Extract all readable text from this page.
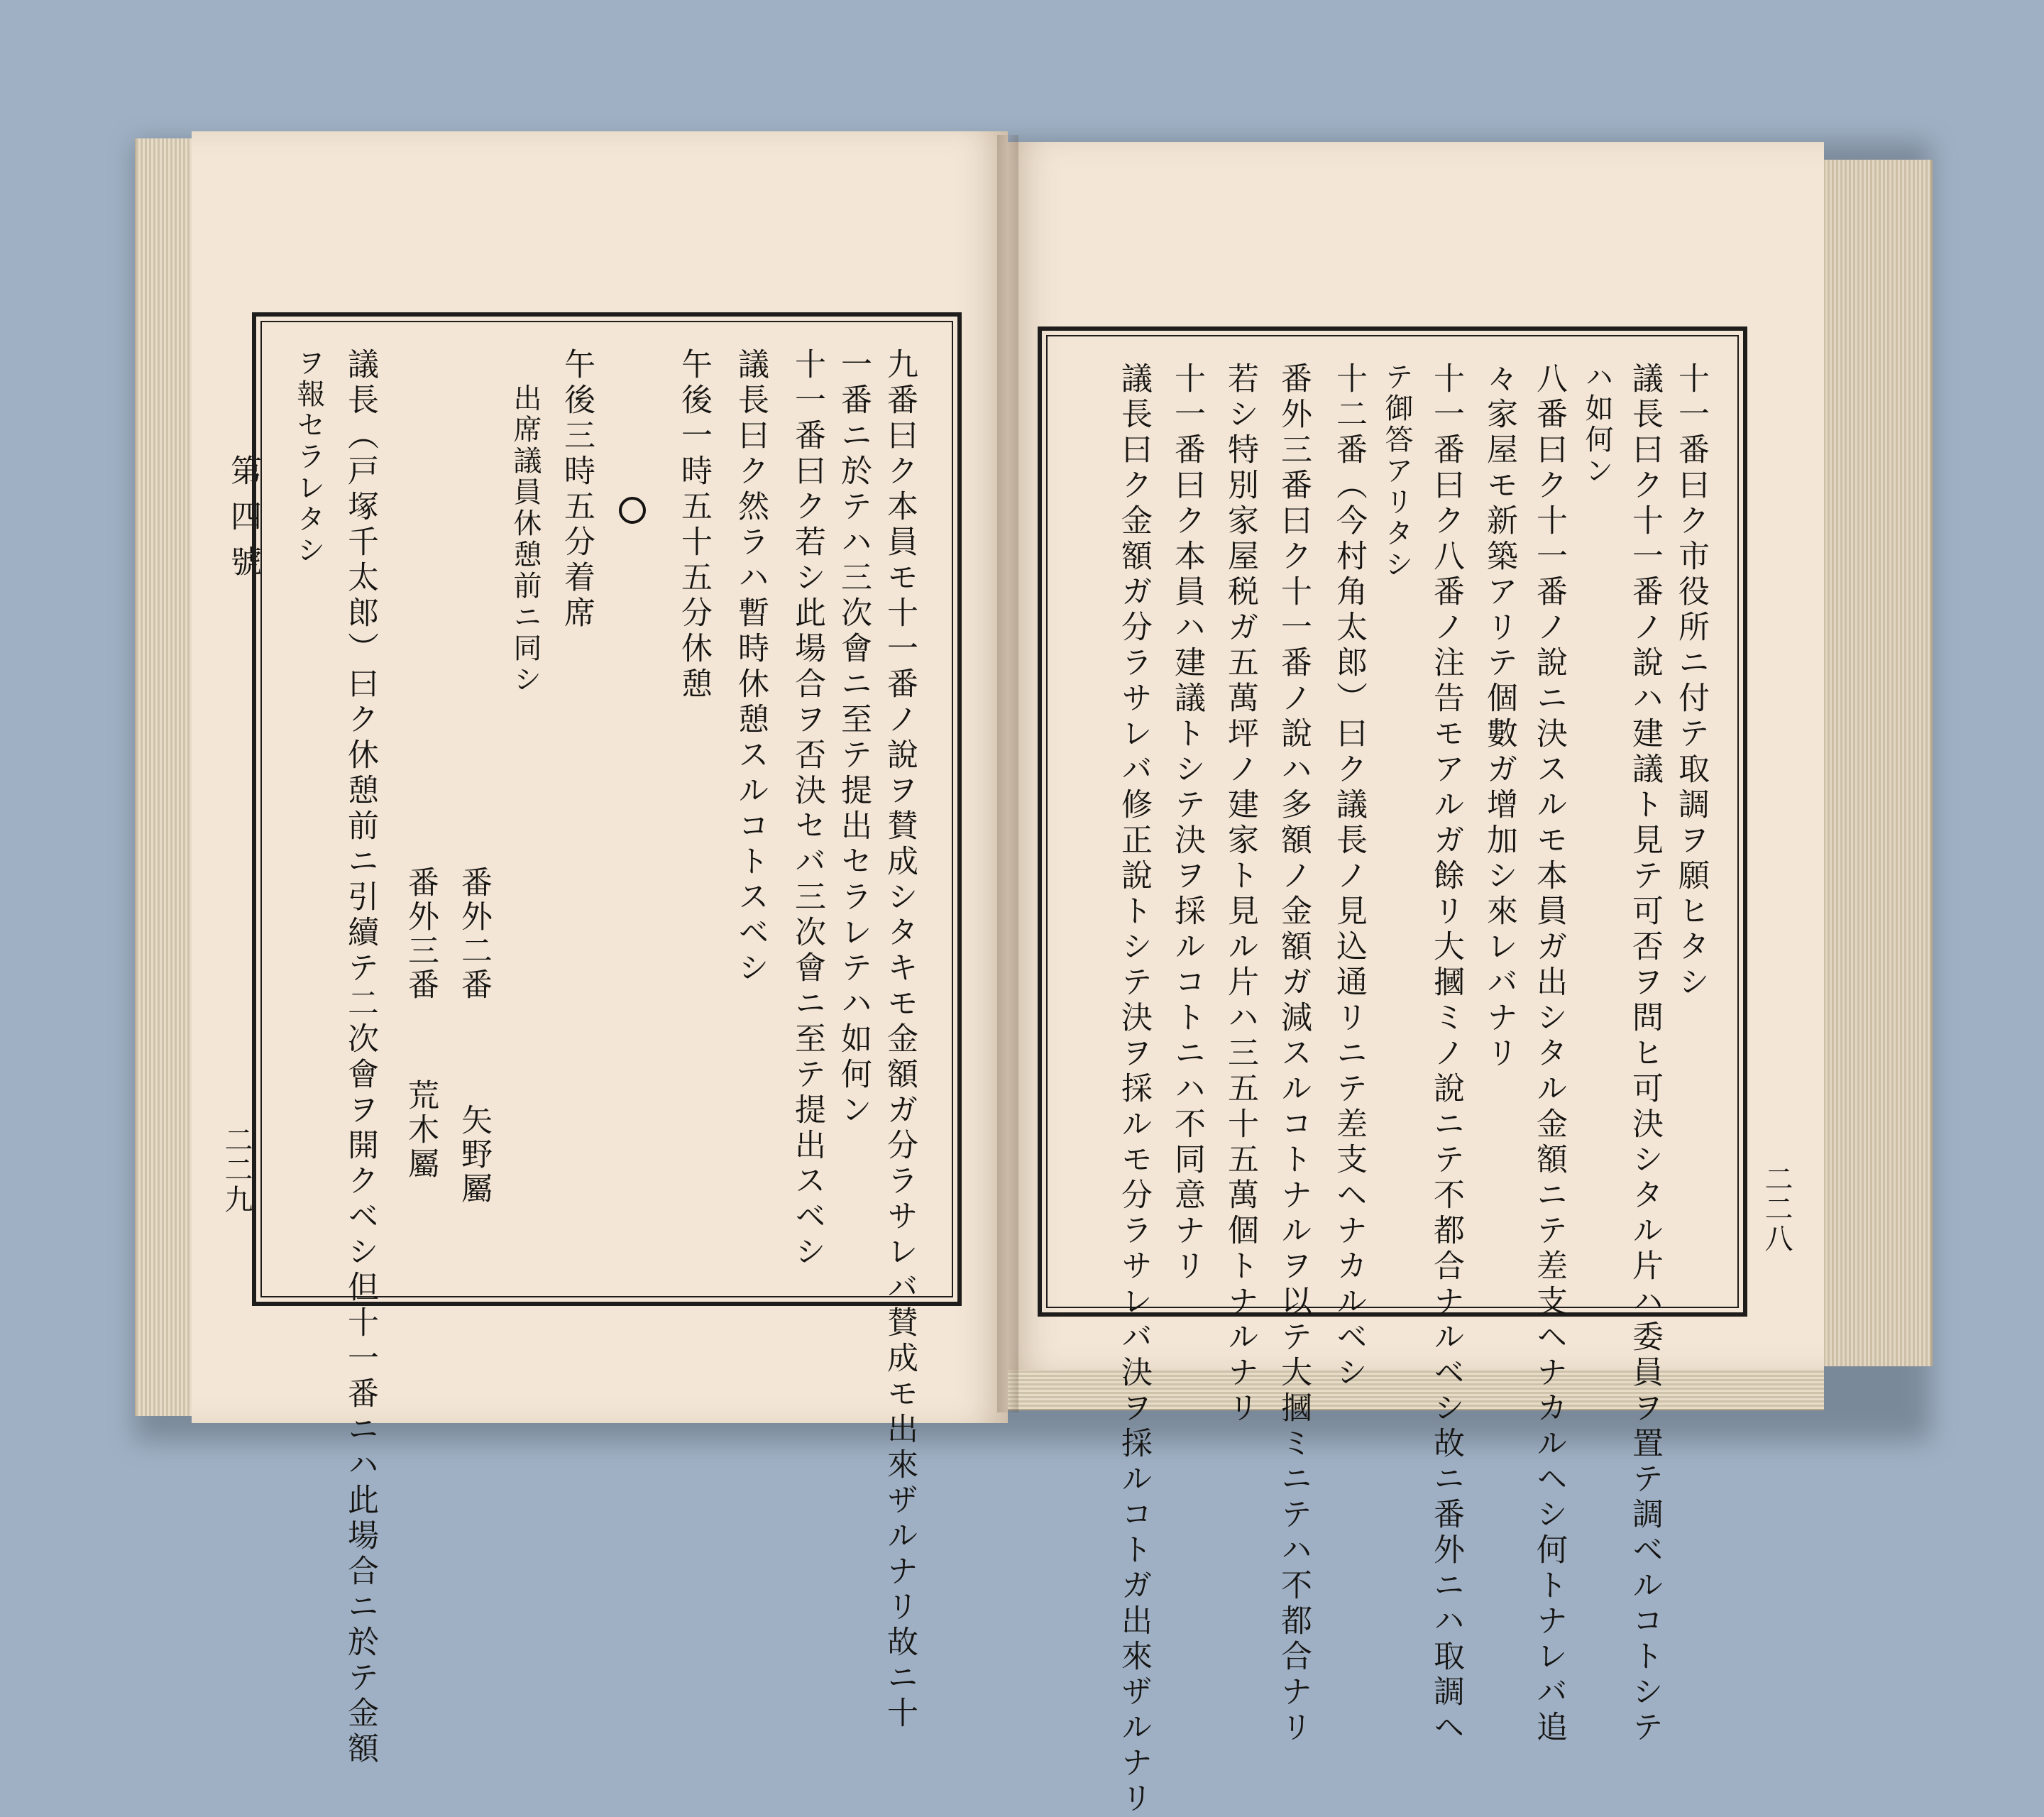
第四號
二二九	九番曰ク本員モ十一番ノ說ヲ賛成シタキモ金額ガ分ラサレバ賛成モ出來ザルナリ故ニ十
一番ニ於テハ三次會ニ至テ提出セラレテハ如何ン
十一番曰ク若シ此場合ヲ否決セバ三次會ニ至テ提出スベシ
議長曰ク然ラハ暫時休憩スルコトスベシ
午後一時五十五分休憩
午後三時五分着席
出席議員休憩前ニ同シ
番外二番
矢野屬
番外三番
荒木屬
議長（戸塚千太郎）曰ク休憩前ニ引續テ二次會ヲ開クベシ但十一番ニハ此場合ニ於テ金額
ヲ報セラレタシ
二二八
十一番曰ク市役所ニ付テ取調ヲ願ヒタシ
議長曰ク十一番ノ說ハ建議ト見テ可否ヲ問ヒ可決シタル片ハ委員ヲ置テ調ベルコトシテ
ハ如何ン
八番曰ク十一番ノ說ニ決スルモ本員ガ出シタル金額ニテ差支ヘナカルヘシ何トナレバ追
々家屋モ新築アリテ個數ガ增加シ來レバナリ
十一番曰ク八番ノ注告モアルガ餘リ大摑ミノ說ニテ不都合ナルベシ故ニ番外ニハ取調ヘ
テ御答アリタシ
十二番（今村角太郎）曰ク議長ノ見込通リニテ差支ヘナカルベシ
番外三番曰ク十一番ノ說ハ多額ノ金額ガ減スルコトナルヲ以テ大摑ミニテハ不都合ナリ
若シ特別家屋税ガ五萬坪ノ建家ト見ル片ハ三五十五萬個トナルナリ
十一番曰ク本員ハ建議トシテ決ヲ採ルコトニハ不同意ナリ
議長曰ク金額ガ分ラサレバ修正說トシテ決ヲ採ルモ分ラサレバ決ヲ採ルコトガ出來ザルナリ
